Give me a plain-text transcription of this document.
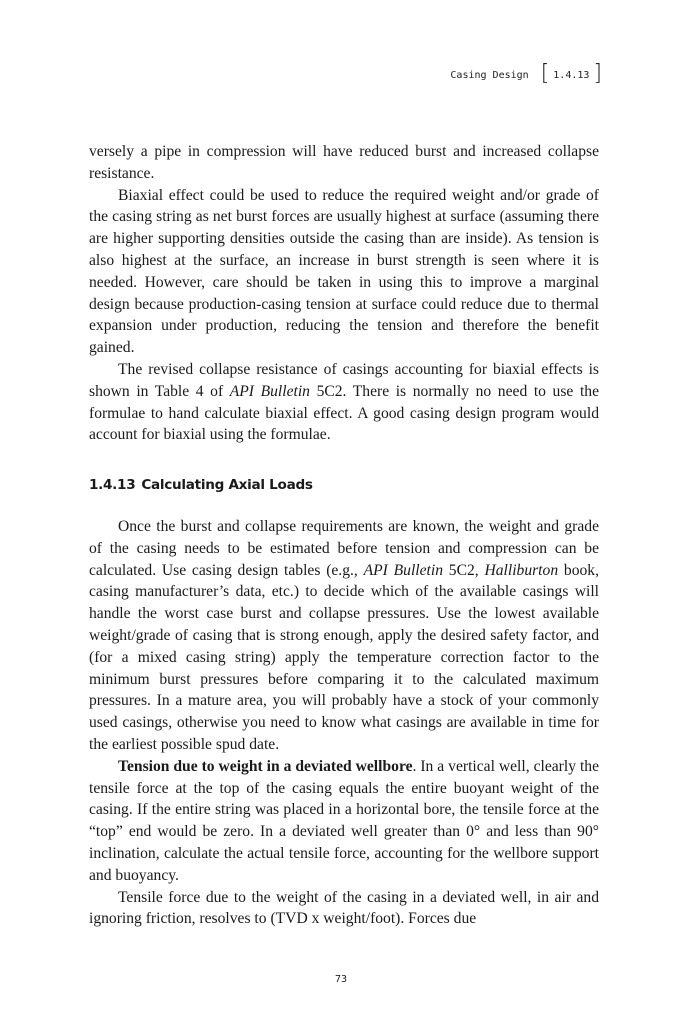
Casing Design [ 1.4.13 ]

versely a pipe in compression will have reduced burst and increased collapse resistance.

Biaxial effect could be used to reduce the required weight and/or grade of the casing string as net burst forces are usually highest at surface (assuming there are higher supporting densities outside the casing than are inside). As tension is also highest at the surface, an increase in burst strength is seen where it is needed. However, care should be taken in using this to improve a marginal design because production-casing tension at surface could reduce due to thermal expansion under production, reducing the tension and therefore the benefit gained.

The revised collapse resistance of casings accounting for biaxial effects is shown in Table 4 of API Bulletin 5C2. There is normally no need to use the formulae to hand calculate biaxial effect. A good casing design program would account for biaxial using the formulae.

1.4.13 Calculating Axial Loads

Once the burst and collapse requirements are known, the weight and grade of the casing needs to be estimated before tension and compression can be calculated. Use casing design tables (e.g., API Bulletin 5C2, Halliburton book, casing manufacturer’s data, etc.) to decide which of the available casings will handle the worst case burst and collapse pressures. Use the lowest available weight/grade of casing that is strong enough, apply the desired safety factor, and (for a mixed casing string) apply the temperature correction factor to the minimum burst pressures before comparing it to the calculated maximum pressures. In a mature area, you will probably have a stock of your commonly used casings, otherwise you need to know what casings are available in time for the earliest possible spud date.

Tension due to weight in a deviated wellbore. In a vertical well, clearly the tensile force at the top of the casing equals the entire buoyant weight of the casing. If the entire string was placed in a horizontal bore, the tensile force at the “top” end would be zero. In a deviated well greater than 0° and less than 90° inclination, calculate the actual tensile force, accounting for the wellbore support and buoyancy.

Tensile force due to the weight of the casing in a deviated well, in air and ignoring friction, resolves to (TVD x weight/foot). Forces due

73
